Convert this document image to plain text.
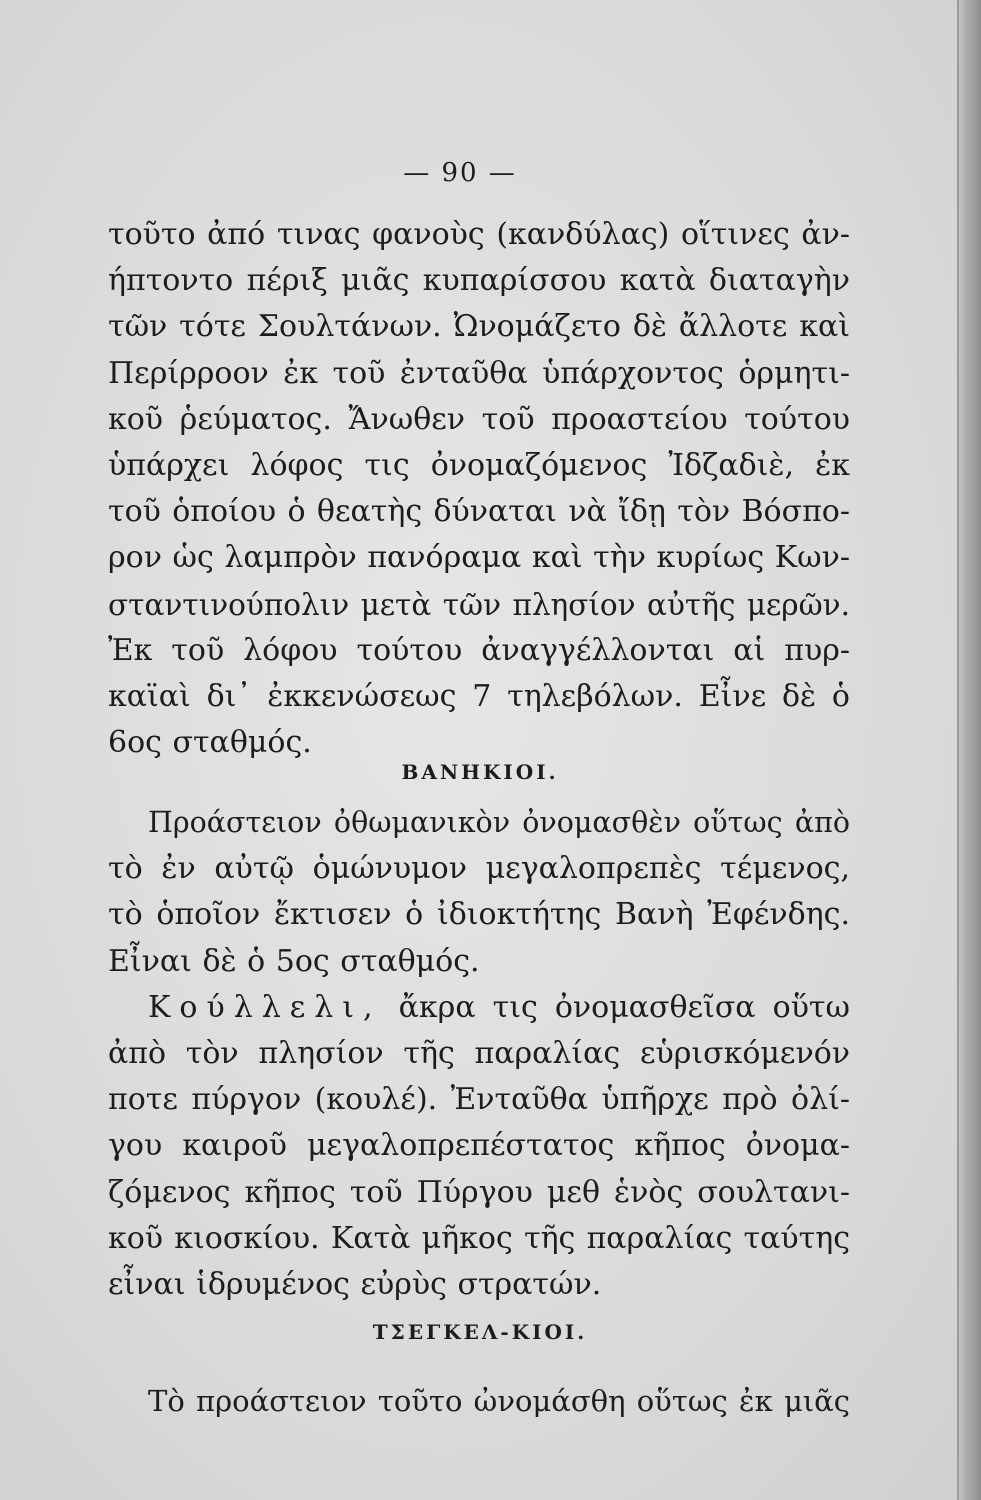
— 90 —
τοῦτο ἀπό τινας φανοὺς (κανδύλας) οἵτινες ἀν-
ήπτοντο πέριξ μιᾶς κυπαρίσσου κατὰ διαταγὴν
τῶν τότε Σουλτάνων. Ὠνομάζετο δὲ ἄλλοτε καὶ
Περίρροον ἐκ τοῦ ἐνταῦθα ὑπάρχοντος ὁρμητι-
κοῦ ῥεύματος. Ἄνωθεν τοῦ προαστείου τούτου
ὑπάρχει λόφος τις ὀνομαζόμενος Ἰδζαδιὲ, ἐκ
τοῦ ὁποίου ὁ θεατὴς δύναται νὰ ἴδῃ τὸν Βόσπο-
ρον ὡς λαμπρὸν πανόραμα καὶ τὴν κυρίως Κων-
σταντινούπολιν μετὰ τῶν πλησίον αὐτῆς μερῶν.
Ἐκ τοῦ λόφου τούτου ἀναγγέλλονται αἱ πυρ-
καϊαὶ δι᾽ ἐκκενώσεως 7 τηλεβόλων. Εἶνε δὲ ὁ
6ος σταθμός.
ΒΑΝΗΚΙΟΙ.
Προάστειον ὀθωμανικὸν ὀνομασθὲν οὕτως ἀπὸ
τὸ ἐν αὐτῷ ὁμώνυμον μεγαλοπρεπὲς τέμενος,
τὸ ὁποῖον ἔκτισεν ὁ ἰδιοκτήτης Βανὴ Ἐφένδης.
Εἶναι δὲ ὁ 5ος σταθμός.
Κούλλελι, ἄκρα τις ὀνομασθεῖσα οὕτω
ἀπὸ τὸν πλησίον τῆς παραλίας εὑρισκόμενόν
ποτε πύργον (κουλέ). Ἐνταῦθα ὑπῆρχε πρὸ ὀλί-
γου καιροῦ μεγαλοπρεπέστατος κῆπος ὀνομα-
ζόμενος κῆπος τοῦ Πύργου μεθ ἑνὸς σουλτανι-
κοῦ κιοσκίου. Κατὰ μῆκος τῆς παραλίας ταύτης
εἶναι ἱδρυμένος εὐρὺς στρατών.
ΤΣΕΓΚΕΛ-ΚΙΟΙ.
Τὸ προάστειον τοῦτο ὠνομάσθη οὕτως ἐκ μιᾶς
